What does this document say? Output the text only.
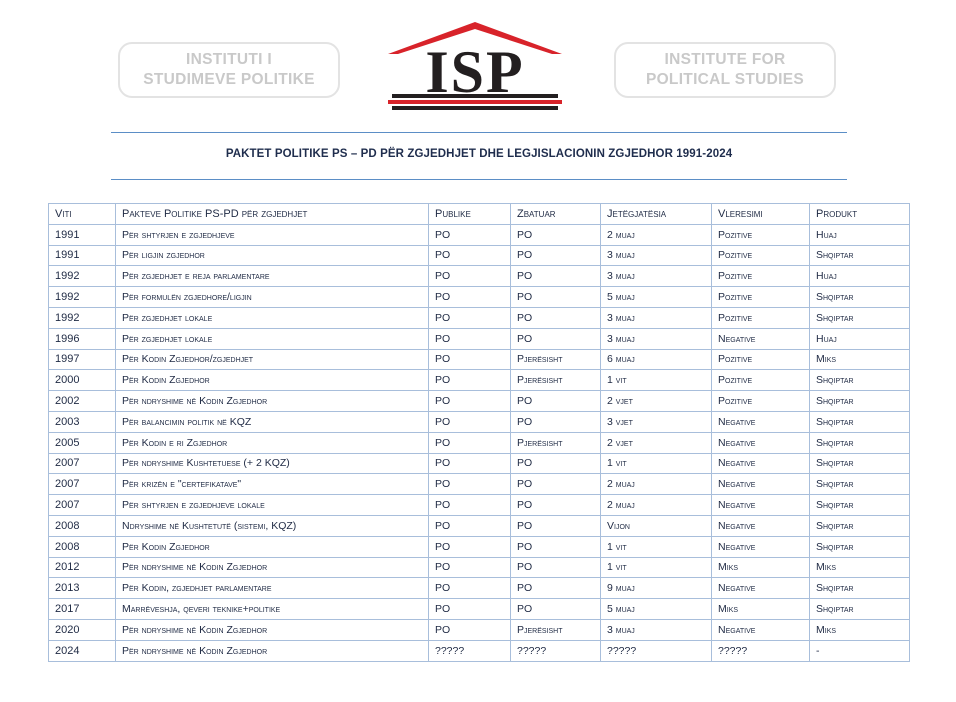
INSTITUTI I
STUDIMEVE POLITIKE ISP	INSTITUTE FOR
POLITICAL STUDIES
PAKTET POLITIKE PS – PD PËR ZGJEDHJET DHE LEGJISLACIONIN ZGJEDHOR 1991-2024
Viti	Pakteve Politike PS-PD për zgjedhjet	Publike	Zbatuar	Jetëgjatësia	Vleresimi	Produkt
1991	Për shtyrjen e zgjedhjeve	PO	PO	2 muaj	Pozitive	Huaj
1991	Për ligjin zgjedhor	PO	PO	3 muaj	Pozitive	Shqiptar
1992	Për zgjedhjet e reja parlamentare	PO	PO	3 muaj	Pozitive	Huaj
1992	Për formulën zgjedhore/ligjin	PO	PO	5 muaj	Pozitive	Shqiptar
1992	Për zgjedhjet lokale	PO	PO	3 muaj	Pozitive	Shqiptar
1996	Për zgjedhjet lokale	PO	PO	3 muaj	Negative	Huaj
1997	Për Kodin Zgjedhor/zgjedhjet	PO	Pjerësisht	6 muaj	Pozitive	Miks
2000	Për Kodin Zgjedhor	PO	Pjerësisht	1 vit	Pozitive	Shqiptar
2002	Për ndryshime në Kodin Zgjedhor	PO	PO	2 vjet	Pozitive	Shqiptar
2003	Për balancimin politik në KQZ	PO	PO	3 vjet	Negative	Shqiptar
2005	Për Kodin e ri Zgjedhor	PO	Pjerësisht	2 vjet	Negative	Shqiptar
2007	Për ndryshime Kushtetuese (+ 2 KQZ)	PO	PO	1 vit	Negative	Shqiptar
2007	Për krizën e "certefikatave"	PO	PO	2 muaj	Negative	Shqiptar
2007	Për shtyrjen e zgjedhjeve lokale	PO	PO	2 muaj	Negative	Shqiptar
2008	Ndryshime në Kushtetutë (sistemi, KQZ)	PO	PO	Vijon	Negative	Shqiptar
2008	Për Kodin Zgjedhor	PO	PO	1 vit	Negative	Shqiptar
2012	Për ndryshime në Kodin Zgjedhor	PO	PO	1 vit	Miks	Miks
2013	Për Kodin, zgjedhjet parlamentare	PO	PO	9 muaj	Negative	Shqiptar
2017	Marrëveshja, qeveri teknike+politike	PO	PO	5 muaj	Miks	Shqiptar
2020	Për ndryshime në Kodin Zgjedhor	PO	Pjerësisht	3 muaj	Negative	Miks
2024	Për ndryshime në Kodin Zgjedhor	?????	?????	?????	?????	-
